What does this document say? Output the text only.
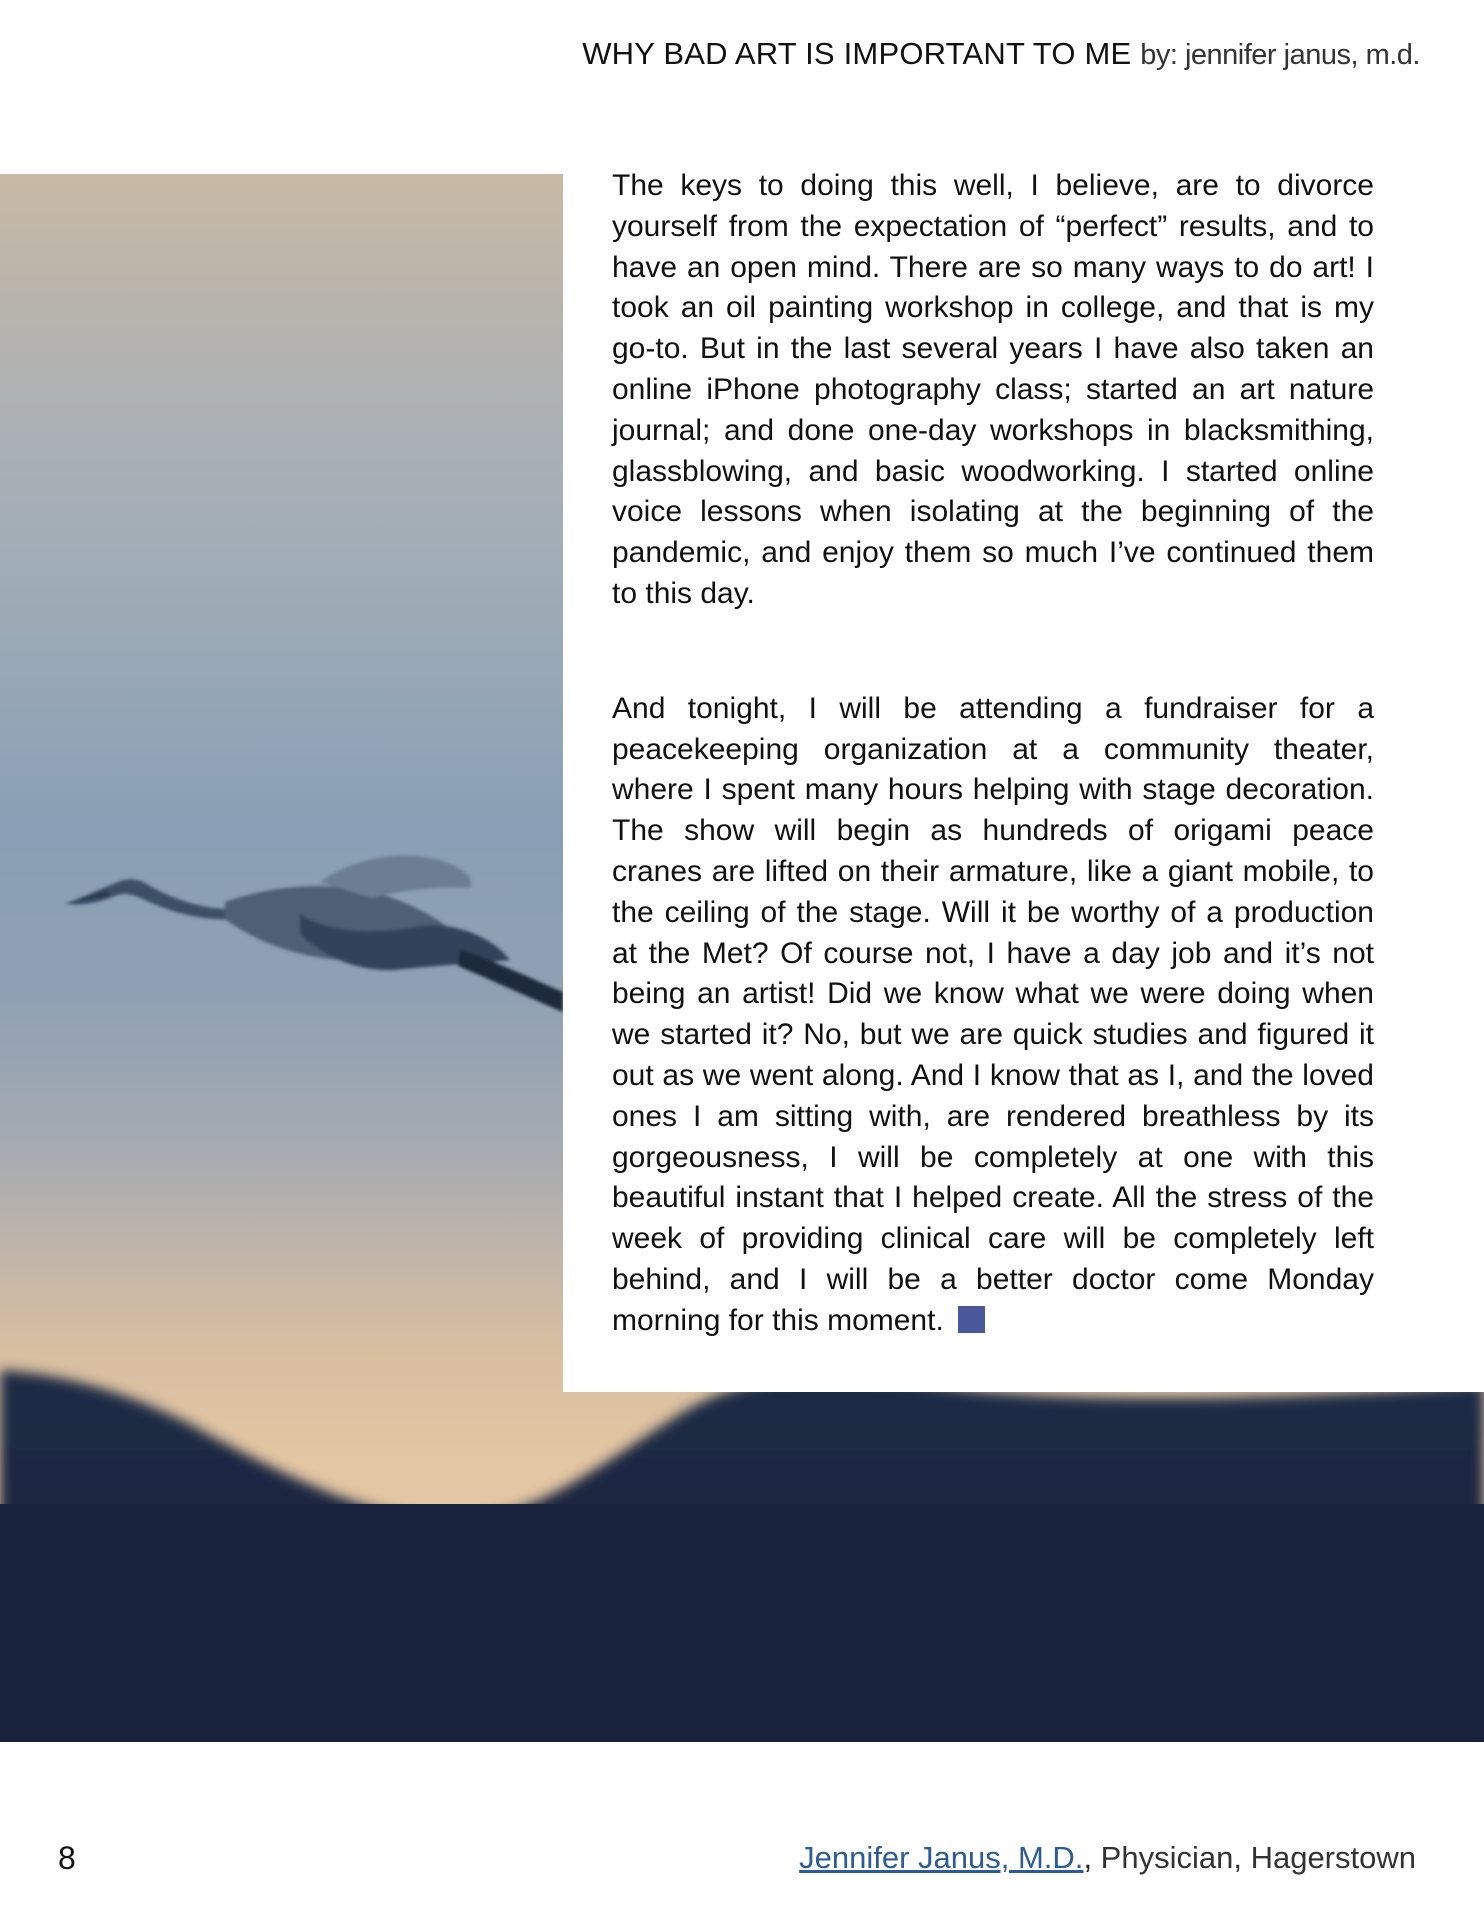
WHY BAD ART IS IMPORTANT TO ME by: jennifer janus, m.d.

The keys to doing this well, I believe, are to divorce yourself from the expectation of “perfect” results, and to have an open mind. There are so many ways to do art! I took an oil painting workshop in college, and that is my go-to. But in the last several years I have also taken an online iPhone photography class; started an art nature journal; and done one-day workshops in blacksmithing, glassblowing, and basic woodworking. I started online voice lessons when isolating at the beginning of the pandemic, and enjoy them so much I’ve continued them to this day.

And tonight, I will be attending a fundraiser for a peacekeeping organization at a community theater, where I spent many hours helping with stage decoration. The show will begin as hundreds of origami peace cranes are lifted on their armature, like a giant mobile, to the ceiling of the stage. Will it be worthy of a production at the Met? Of course not, I have a day job and it’s not being an artist! Did we know what we were doing when we started it? No, but we are quick studies and figured it out as we went along. And I know that as I, and the loved ones I am sitting with, are rendered breathless by its gorgeousness, I will be completely at one with this beautiful instant that I helped create. All the stress of the week of providing clinical care will be completely left behind, and I will be a better doctor come Monday morning for this moment.

8	Jennifer Janus, M.D., Physician, Hagerstown
